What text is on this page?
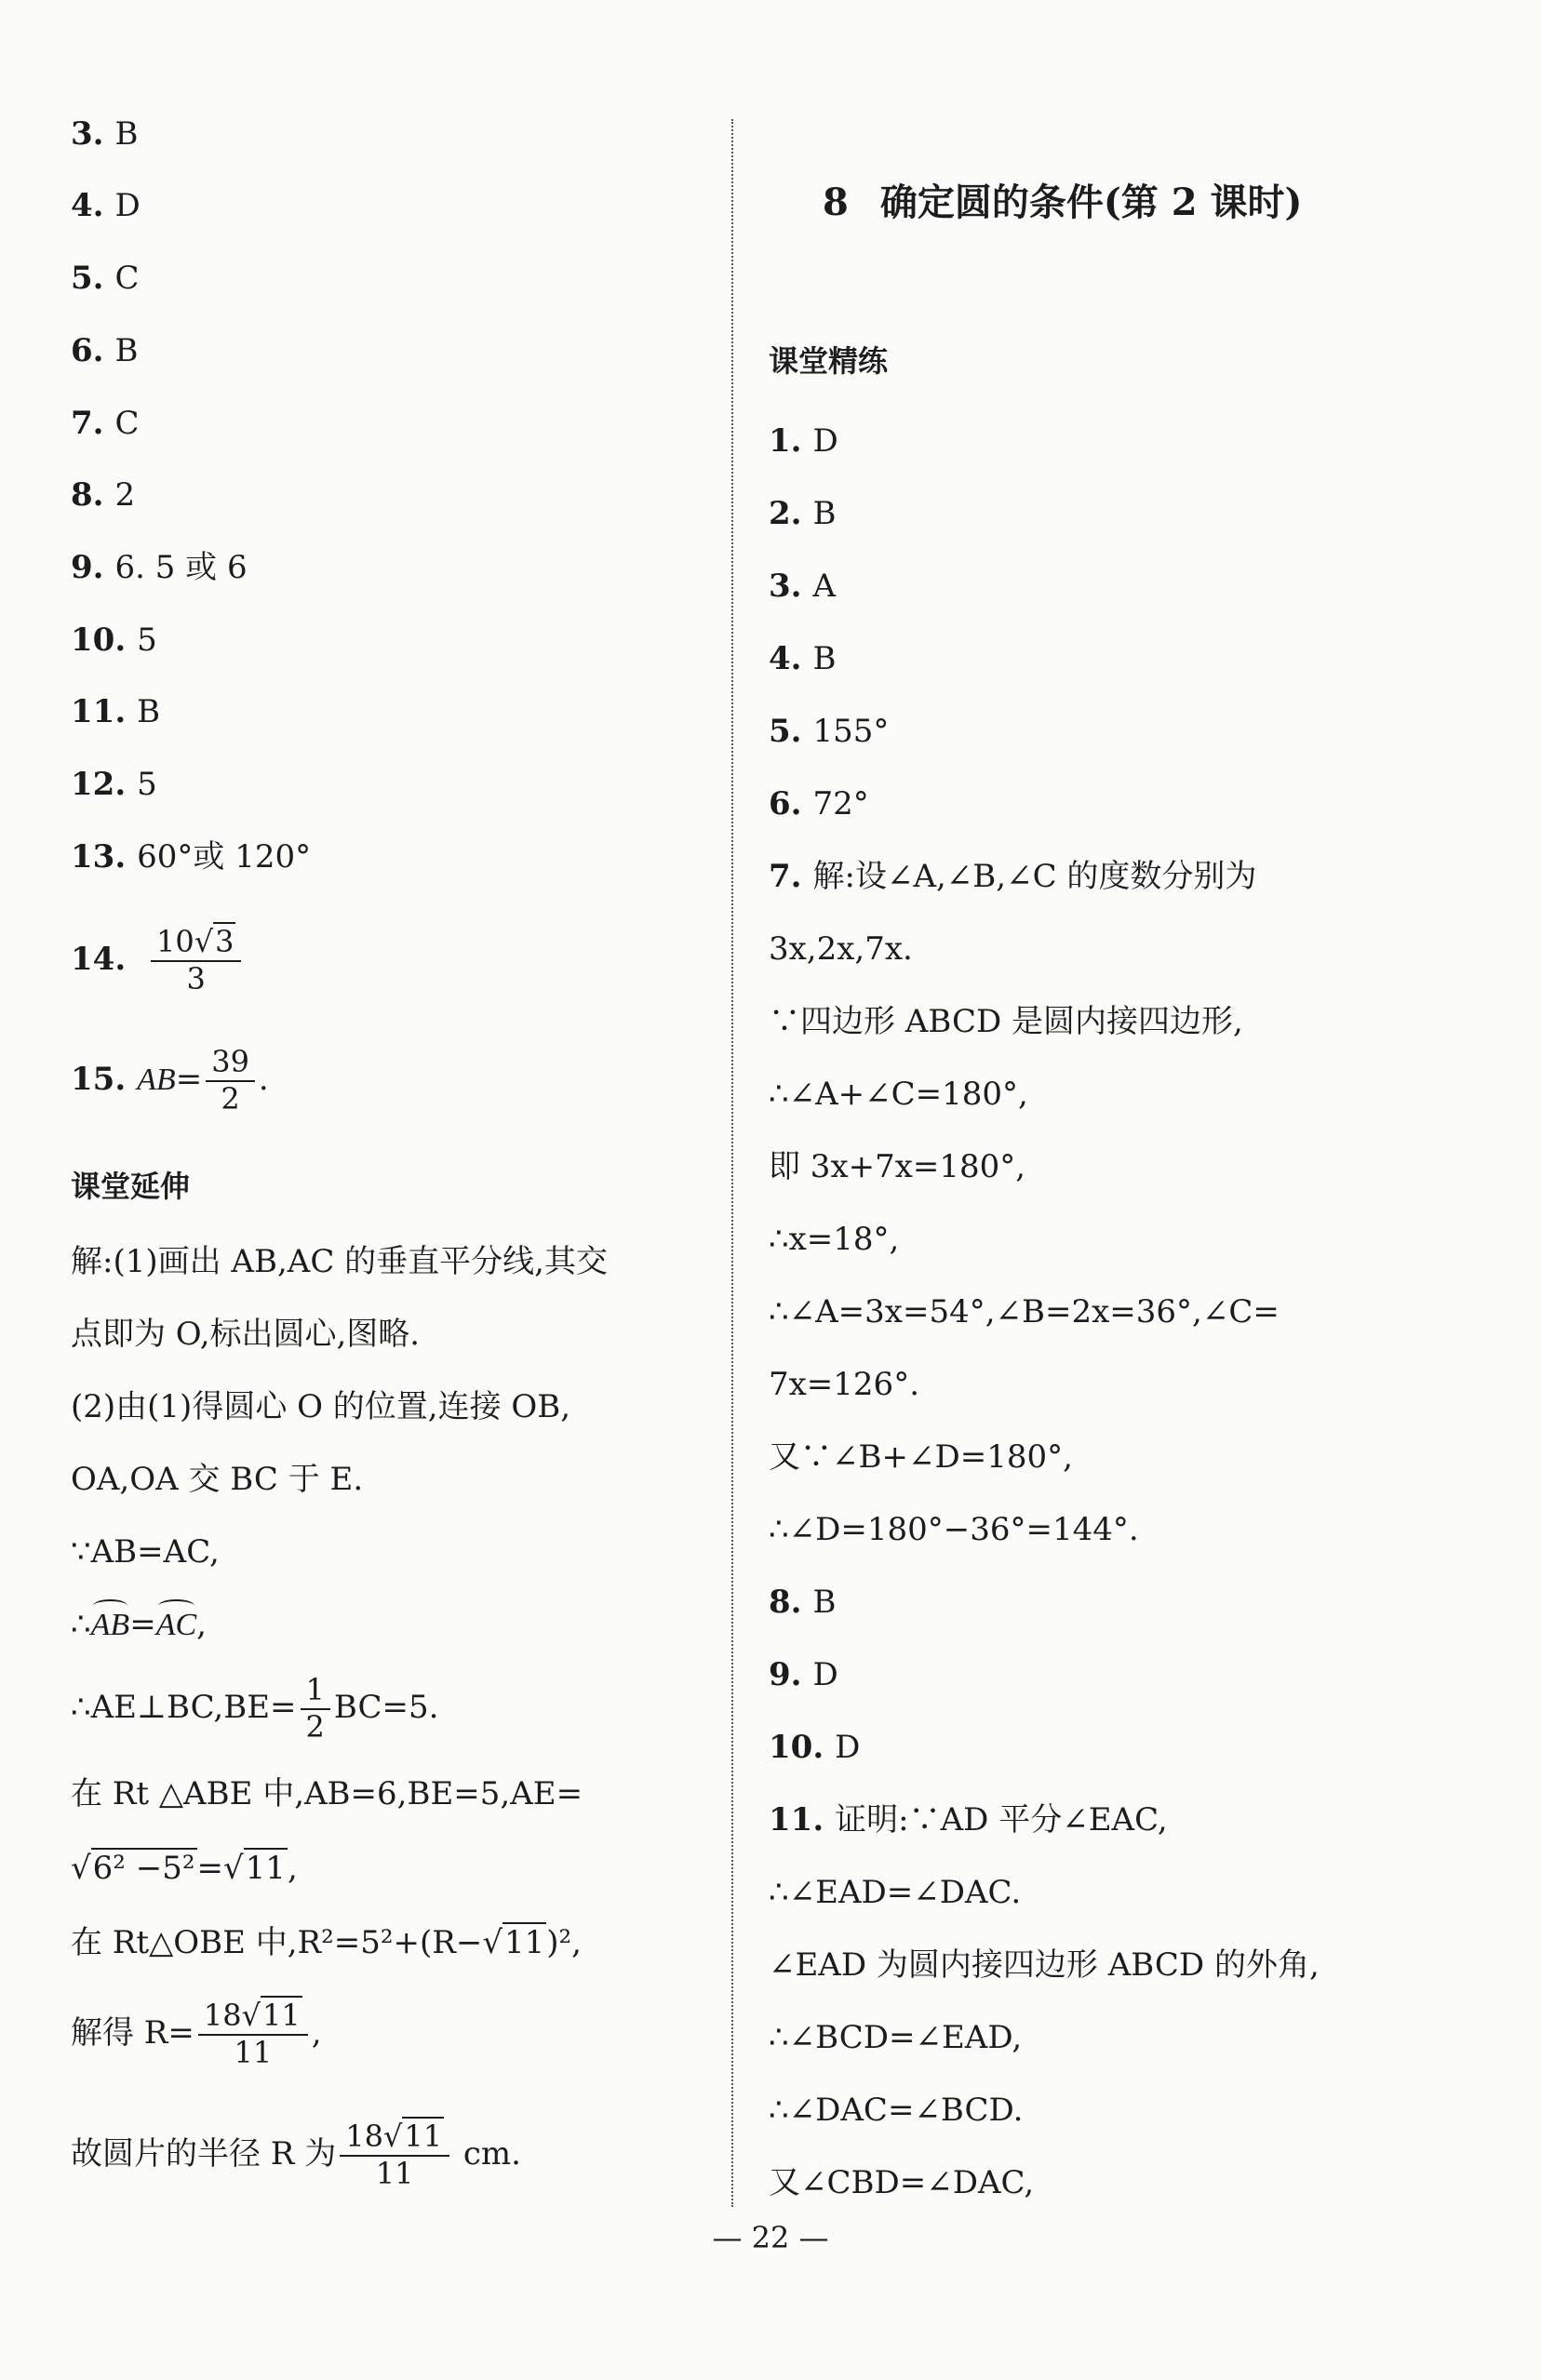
3. B
4. D
5. C
6. B
7. C
8. 2
9. 6. 5 或 6
10. 5
11. B
12. 5
13. 60°或 120°
14. $\frac{10√3}{3}$
15. $AB= \frac{39}{2}$ .
课堂延伸
解:(1)画出 AB,AC 的垂直平分线,其交
点即为 O,标出圆心,图略.
(2)由(1)得圆心 O 的位置,连接 OB,
OA,OA 交 BC 于 E.
∵AB=AC,
∴AB=AC,
∴AE⊥BC,BE= $\frac{1}{2} BC=5$.
在 Rt △ABE 中,AB=6,BE=5,AE=
√6² −5²=√11,
在 Rt△OBE 中,R²=5²+(R−√11)²,
解得 $R= \frac{18√11}{11}$ ,
故圆片的半径 R 为 $\frac{18√11}{11}$ cm.
8 确定圆的条件(第 2 课时)
课堂精练
1. D
2. B
3. A
4. B
5. 155°
6. 72°
7. 解:设∠A,∠B,∠C 的度数分别为
3x,2x,7x.
∵四边形 ABCD 是圆内接四边形,
∴∠A+∠C=180°,
即 3x+7x=180°,
∴x=18°,
∴∠A=3x=54°,∠B=2x=36°,∠C=
7x=126°.
又∵∠B+∠D=180°,
∴∠D=180°−36°=144°.
8. B
9. D
10. D
11. 证明:∵AD 平分∠EAC,
∴∠EAD=∠DAC.
∠EAD 为圆内接四边形 ABCD 的外角,
∴∠BCD=∠EAD,
∴∠DAC=∠BCD.
又∠CBD=∠DAC,
— 22 —
